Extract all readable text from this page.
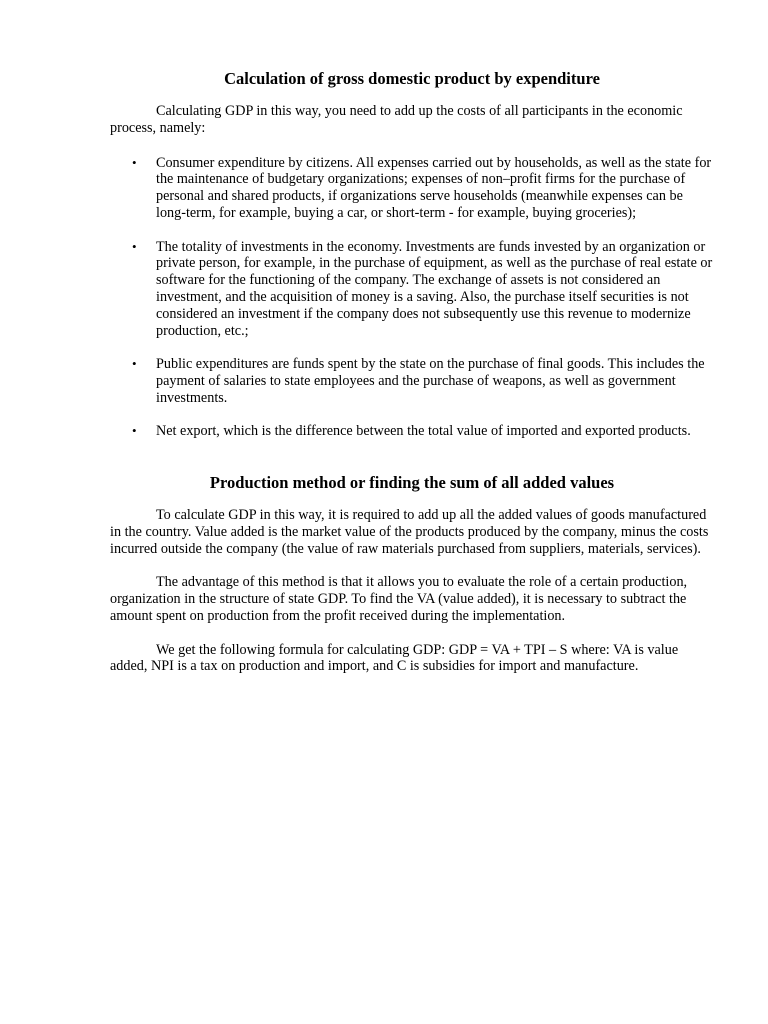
Calculation of gross domestic product by expenditure

Calculating GDP in this way, you need to add up the costs of all participants in the economic process, namely:

• Consumer expenditure by citizens. All expenses carried out by households, as well as the state for the maintenance of budgetary organizations; expenses of non–profit firms for the purchase of personal and shared products, if organizations serve households (meanwhile expenses can be long-term, for example, buying a car, or short-term - for example, buying groceries);
• The totality of investments in the economy. Investments are funds invested by an organization or private person, for example, in the purchase of equipment, as well as the purchase of real estate or software for the functioning of the company. The exchange of assets is not considered an investment, and the acquisition of money is a saving. Also, the purchase itself securities is not considered an investment if the company does not subsequently use this revenue to modernize production, etc.;
• Public expenditures are funds spent by the state on the purchase of final goods. This includes the payment of salaries to state employees and the purchase of weapons, as well as government investments.
• Net export, which is the difference between the total value of imported and exported products.
Production method or finding the sum of all added values

To calculate GDP in this way, it is required to add up all the added values of goods manufactured in the country. Value added is the market value of the products produced by the company, minus the costs incurred outside the company (the value of raw materials purchased from suppliers, materials, services).

The advantage of this method is that it allows you to evaluate the role of a certain production, organization in the structure of state GDP. To find the VA (value added), it is necessary to subtract the amount spent on production from the profit received during the implementation.

We get the following formula for calculating GDP: GDP = VA + TPI – S where: VA is value added, NPI is a tax on production and import, and C is subsidies for import and manufacture.
